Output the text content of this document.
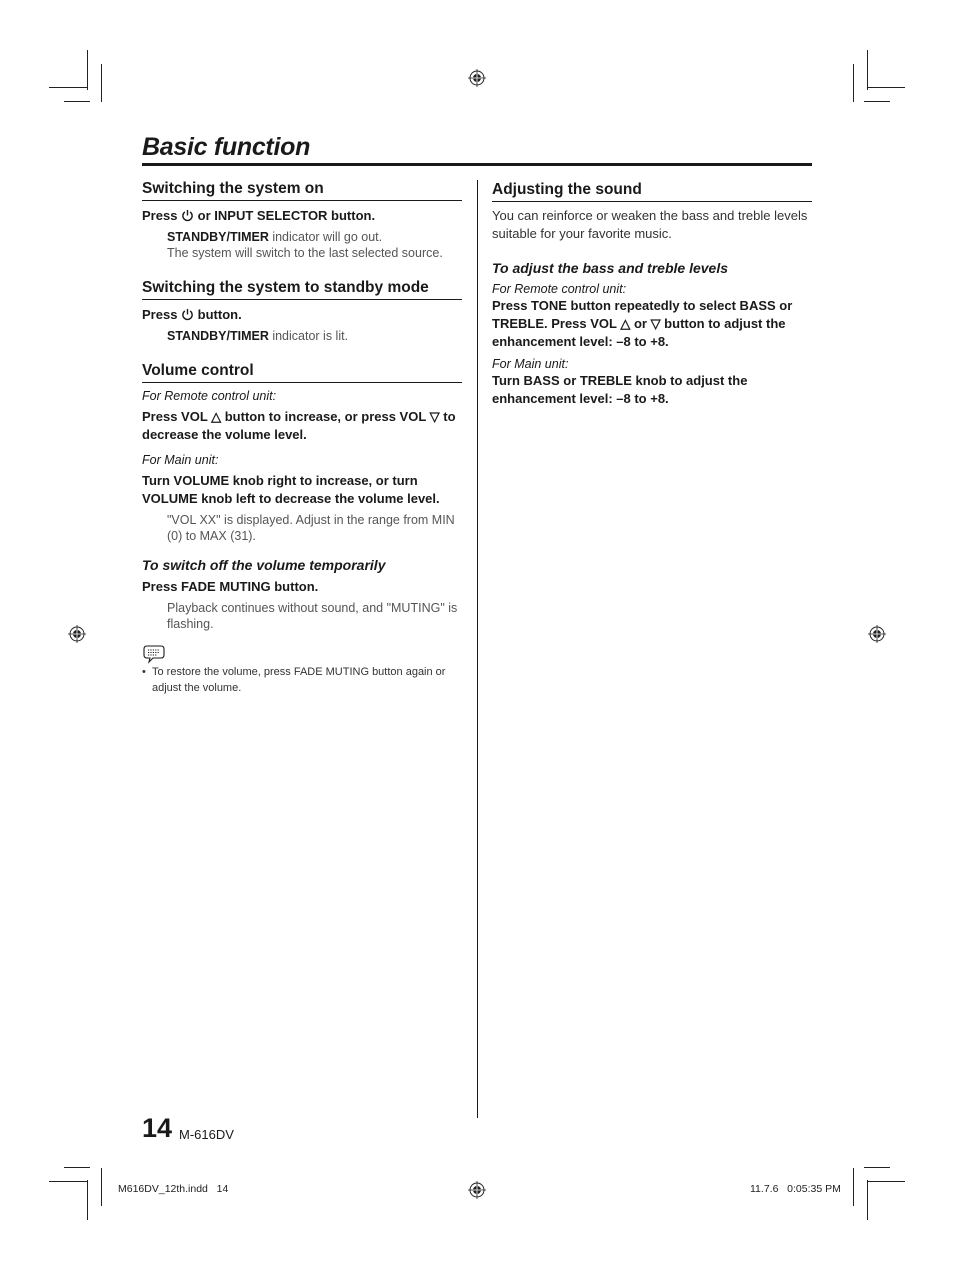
Basic function
Switching the system on

Press or INPUT SELECTOR button.

STANDBY/TIMER indicator will go out.
The system will switch to the last selected source.

Switching the system to standby mode

Press button.

STANDBY/TIMER indicator is lit.

Volume control

For Remote control unit:

Press VOL △ button to increase, or press VOL ▽ to decrease the volume level.

For Main unit:

Turn VOLUME knob right to increase, or turn VOLUME knob left to decrease the volume level.

"VOL XX" is displayed. Adjust in the range from MIN (0) to MAX (31).

To switch off the volume temporarily

Press FADE MUTING button.

Playback continues without sound, and "MUTING" is flashing.

• To restore the volume, press FADE MUTING button again or adjust the volume.
Adjusting the sound

You can reinforce or weaken the bass and treble levels suitable for your favorite music.

To adjust the bass and treble levels

For Remote control unit:

Press TONE button repeatedly to select BASS or TREBLE. Press VOL △ or ▽ button to adjust the enhancement level: –8 to +8.

For Main unit:

Turn BASS or TREBLE knob to adjust the enhancement level: –8 to +8.

14 M-616DV
M616DV_12th.indd   14	11.7.6   0:05:35 PM
